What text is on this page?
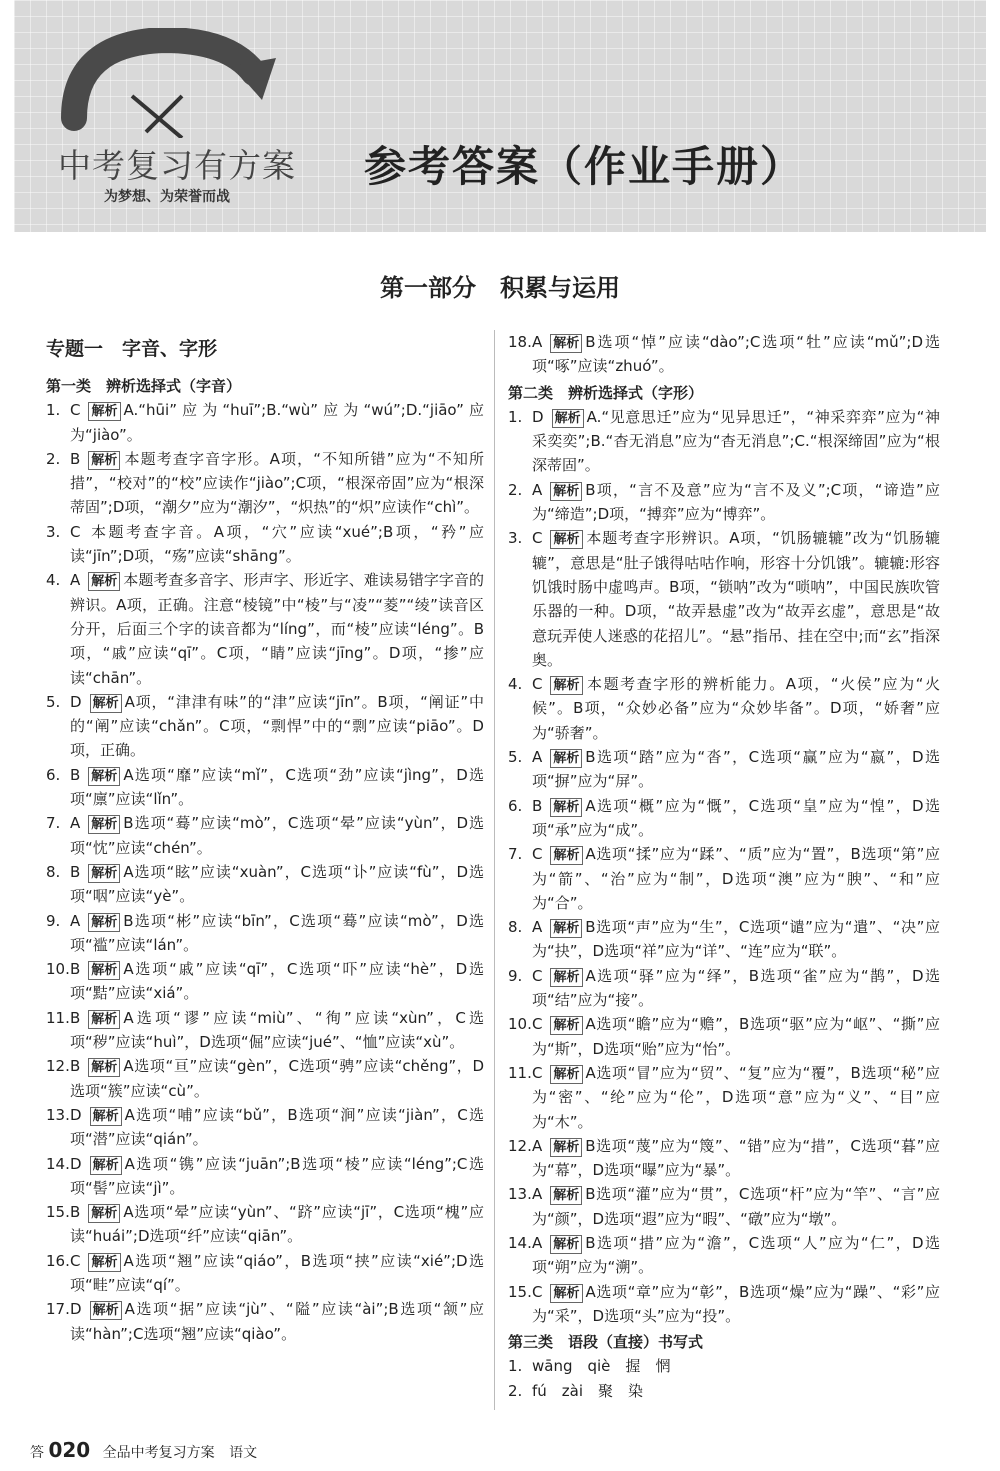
中考复习有方案
为梦想、为荣誉而战
参考答案（作业手册）
第一部分　积累与运用
专题一　字音、字形
第一类　辨析选择式（字音）
1. C 解析 A.“hūi”应为“huī”;B.“wù”应为“wú”;D.“jiāo”应为“jiào”。
2. B 解析 本题考查字音字形。A项，“不知所错”应为“不知所措”，“校对”的“校”应读作“jiào”;C项，“根深帝固”应为“根深蒂固”;D项，“潮夕”应为“潮汐”，“炽热”的“炽”应读作“chì”。
3. C 本题考查字音。A项，“穴”应读“xué”;B项，“矜”应读“jīn”;D项，“殇”应读“shāng”。
4. A 解析 本题考查多音字、形声字、形近字、难读易错字字音的辨识。A项，正确。注意“棱镜”中“棱”与“凌”“菱”“绫”读音区分开，后面三个字的读音都为“líng”，而“棱”应读“léng”。B项，“戚”应读“qī”。C项，“睛”应读“jīng”。D项，“掺”应读“chān”。
5. D 解析 A项，“津津有味”的“津”应读“jīn”。B项，“阐证”中的“阐”应读“chǎn”。C项，“剽悍”中的“剽”应读“piāo”。D项，正确。
6. B 解析 A选项“靡”应读“mǐ”，C选项“劲”应读“jìng”，D选项“廪”应读“lǐn”。
7. A 解析 B选项“蓦”应读“mò”，C选项“晕”应读“yùn”，D选项“忱”应读“chén”。
8. B 解析 A选项“眩”应读“xuàn”，C选项“讣”应读“fù”，D选项“咽”应读“yè”。
9. A 解析 B选项“彬”应读“bīn”，C选项“蓦”应读“mò”，D选项“褴”应读“lán”。
10.B 解析 A选项“戚”应读“qī”，C选项“吓”应读“hè”，D选项“黠”应读“xiá”。
11.B 解析 A选项“谬”应读“miù”、“徇”应读“xùn”，C选项“秽”应读“huì”，D选项“倔”应读“jué”、“恤”应读“xù”。
12.B 解析 A选项“亘”应读“gèn”，C选项“骋”应读“chěng”，D选项“簇”应读“cù”。
13.D 解析 A选项“哺”应读“bǔ”，B选项“涧”应读“jiàn”，C选项“潜”应读“qián”。
14.D 解析 A选项“镌”应读“juān”;B选项“棱”应读“léng”;C选项“髻”应读“jì”。
15.B 解析 A选项“晕”应读“yùn”、“跻”应读“jī”，C选项“槐”应读“huái”;D选项“纤”应读“qiān”。
16.C 解析 A选项“翘”应读“qiáo”，B选项“挟”应读“xié”;D选项“畦”应读“qí”。
17.D 解析 A选项“据”应读“jù”、“隘”应读“ài”;B选项“颔”应读“hàn”;C选项“翘”应读“qiào”。
18.A 解析 B选项“悼”应读“dào”;C选项“牡”应读“mǔ”;D选项“啄”应读“zhuó”。
第二类　辨析选择式（字形）
1. D 解析 A.“见意思迁”应为“见异思迁”，“神采弈弈”应为“神采奕奕”;B.“杳无消息”应为“杳无消息”;C.“根深缔固”应为“根深蒂固”。
2. A 解析 B项，“言不及意”应为“言不及义”;C项，“谛造”应为“缔造”;D项，“搏弈”应为“博弈”。
3. C 解析 本题考查字形辨识。A项，“饥肠辘辘”改为“饥肠辘辘”，意思是“肚子饿得咕咕作响，形容十分饥饿”。辘辘:形容饥饿时肠中虚鸣声。B项，“锁呐”改为“唢呐”，中国民族吹管乐器的一种。D项，“故弄悬虚”改为“故弄玄虚”，意思是“故意玩弄使人迷惑的花招儿”。“悬”指吊、挂在空中;而“玄”指深奥。
4. C 解析 本题考查字形的辨析能力。A项，“火侯”应为“火候”。B项，“众妙必备”应为“众妙毕备”。D项，“娇奢”应为“骄奢”。
5. A 解析 B选项“踏”应为“沓”，C选项“赢”应为“嬴”，D选项“摒”应为“屏”。
6. B 解析 A选项“概”应为“慨”，C选项“皇”应为“惶”，D选项“承”应为“成”。
7. C 解析 A选项“揉”应为“蹂”、“质”应为“置”，B选项“第”应为“箭”、“治”应为“制”，D选项“澳”应为“腴”、“和”应为“合”。
8. A 解析 B选项“声”应为“生”，C选项“谴”应为“遣”、“决”应为“抉”，D选项“祥”应为“详”、“连”应为“联”。
9. C 解析 A选项“驿”应为“绎”，B选项“雀”应为“鹊”，D选项“结”应为“接”。
10.C 解析 A选项“瞻”应为“赡”，B选项“驱”应为“岖”、“撕”应为“斯”，D选项“贻”应为“怡”。
11.C 解析 A选项“冒”应为“贸”、“复”应为“覆”，B选项“秘”应为“密”、“纶”应为“伦”，D选项“意”应为“义”、“目”应为“木”。
12.A 解析 B选项“蔑”应为“篾”、“错”应为“措”，C选项“暮”应为“幕”，D选项“曝”应为“暴”。
13.A 解析 B选项“灌”应为“贯”，C选项“杆”应为“竿”、“言”应为“颜”，D选项“遐”应为“暇”、“礅”应为“墩”。
14.A 解析 B选项“措”应为“澹”，C选项“人”应为“仁”，D选项“朔”应为“溯”。
15.C 解析 A选项“章”应为“彰”，B选项“燥”应为“躁”、“彩”应为“采”，D选项“头”应为“投”。
第三类　语段（直接）书写式
1. wāng　qiè　握　惘
2. fú　zài　聚　染
答 020 全品中考复习方案 语文
